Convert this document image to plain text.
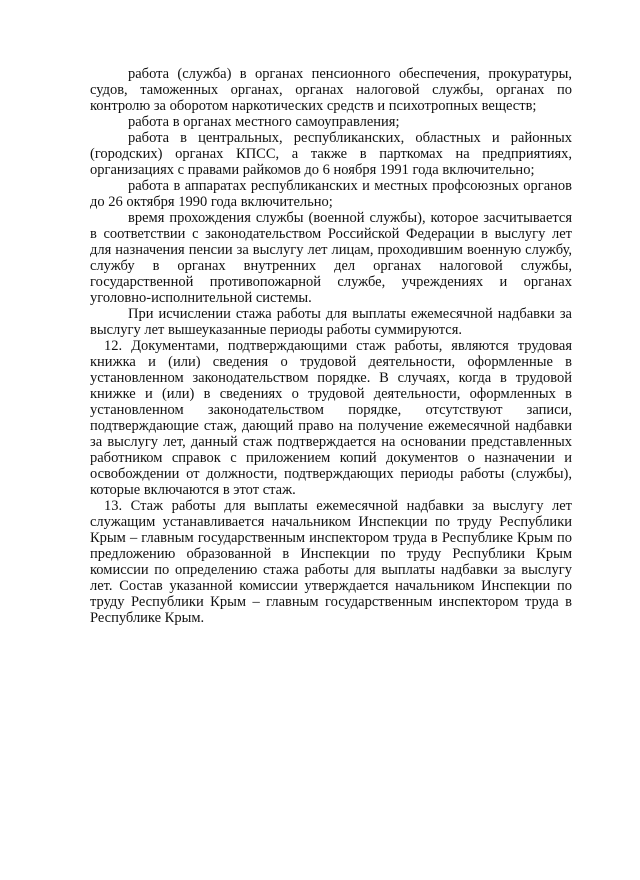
работа (служба) в органах пенсионного обеспечения, прокуратуры, судов, таможенных органах, органах налоговой службы, органах по контролю за оборотом наркотических средств и психотропных веществ;

работа в органах местного самоуправления;

работа в центральных, республиканских, областных и районных (городских) органах КПСС, а также в парткомах на предприятиях, организациях с правами райкомов до 6 ноября 1991 года включительно;

работа в аппаратах республиканских и местных профсоюзных органов до 26 октября 1990 года включительно;

время прохождения службы (военной службы), которое засчитывается в соответствии с законодательством Российской Федерации в выслугу лет для назначения пенсии за выслугу лет лицам, проходившим военную службу, службу в органах внутренних дел органах налоговой службы, государственной противопожарной службе, учреждениях и органах уголовно-исполнительной системы.

При исчислении стажа работы для выплаты ежемесячной надбавки за выслугу лет вышеуказанные периоды работы суммируются.

12. Документами, подтверждающими стаж работы, являются трудовая книжка и (или) сведения о трудовой деятельности, оформленные в установленном законодательством порядке. В случаях, когда в трудовой книжке и (или) в сведениях о трудовой деятельности, оформленных в установленном законодательством порядке, отсутствуют записи, подтверждающие стаж, дающий право на получение ежемесячной надбавки за выслугу лет, данный стаж подтверждается на основании представленных работником справок с приложением копий документов о назначении и освобождении от должности, подтверждающих периоды работы (службы), которые включаются в этот стаж.

13. Стаж работы для выплаты ежемесячной надбавки за выслугу лет служащим устанавливается начальником Инспекции по труду Республики Крым – главным государственным инспектором труда в Республике Крым по предложению образованной в Инспекции по труду Республики Крым комиссии по определению стажа работы для выплаты надбавки за выслугу лет. Состав указанной комиссии утверждается начальником Инспекции по труду Республики Крым – главным государственным инспектором труда в Республике Крым.
